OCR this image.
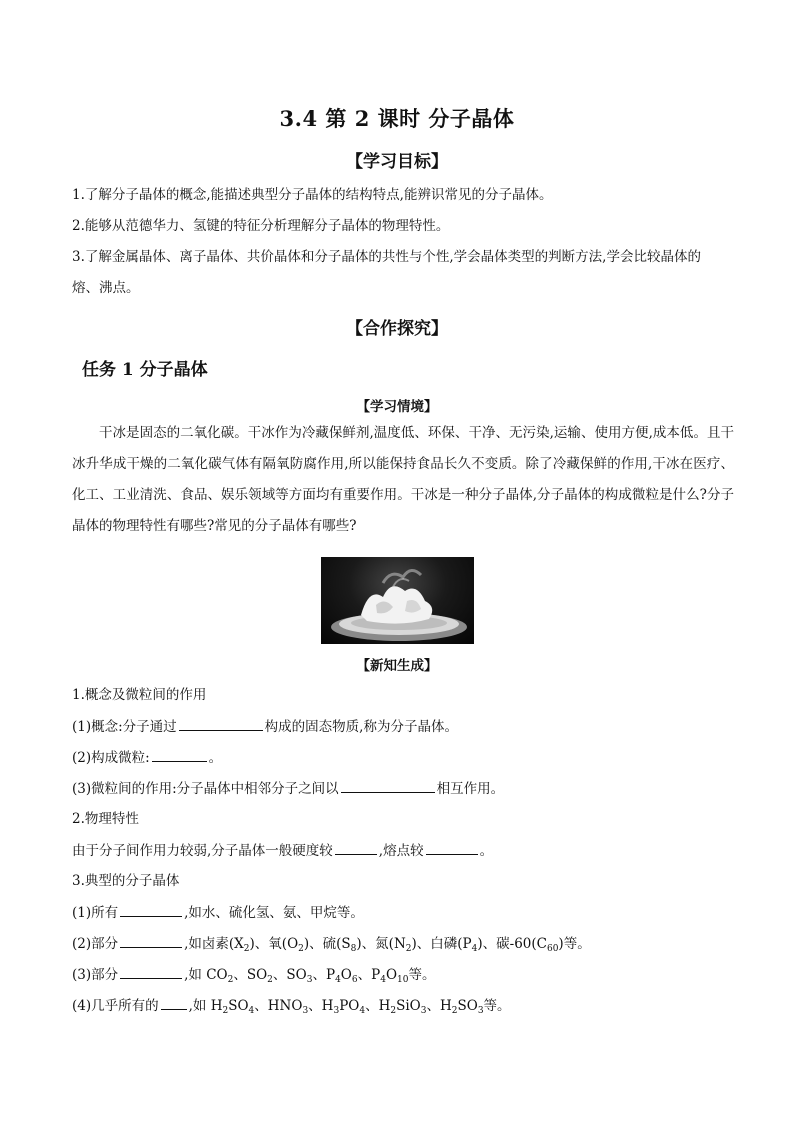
3.4 第 2 课时 分子晶体
【学习目标】
1.了解分子晶体的概念,能描述典型分子晶体的结构特点,能辨识常见的分子晶体。
2.能够从范德华力、氢键的特征分析理解分子晶体的物理特性。
3.了解金属晶体、离子晶体、共价晶体和分子晶体的共性与个性,学会晶体类型的判断方法,学会比较晶体的
熔、沸点。
【合作探究】
任务 1 分子晶体
【学习情境】
干冰是固态的二氧化碳。干冰作为冷藏保鲜剂,温度低、环保、干净、无污染,运输、使用方便,成本低。且干冰升华成干燥的二氧化碳气体有隔氧防腐作用,所以能保持食品长久不变质。除了冷藏保鲜的作用,干冰在医疗、化工、工业清洗、食品、娱乐领域等方面均有重要作用。干冰是一种分子晶体,分子晶体的构成微粒是什么?分子晶体的物理特性有哪些?常见的分子晶体有哪些?
【新知生成】
1.概念及微粒间的作用
(1)概念:分子通过	构成的固态物质,称为分子晶体。
(2)构成微粒:	。
(3)微粒间的作用:分子晶体中相邻分子之间以	相互作用。
2.物理特性
由于分子间作用力较弱,分子晶体一般硬度较	,熔点较	。
3.典型的分子晶体
(1)所有	,如水、硫化氢、氨、甲烷等。
(2)部分	,如卤素$(X_2)$、氧$(O_2)$、硫$(S_8)$、氮$(N_2)$、白磷$(P_4)$、碳$-60(C_{60})$等。
(3)部分	,如 $CO_2$、$SO_2$、$SO_3$、$P_4O_6$、$P_4O_{10}$等。
(4)几乎所有的 ,如 $H_2SO_4$、$HNO_3$、$H_3PO_4$、$H_2SiO_3$、$H_2SO_3$等。
